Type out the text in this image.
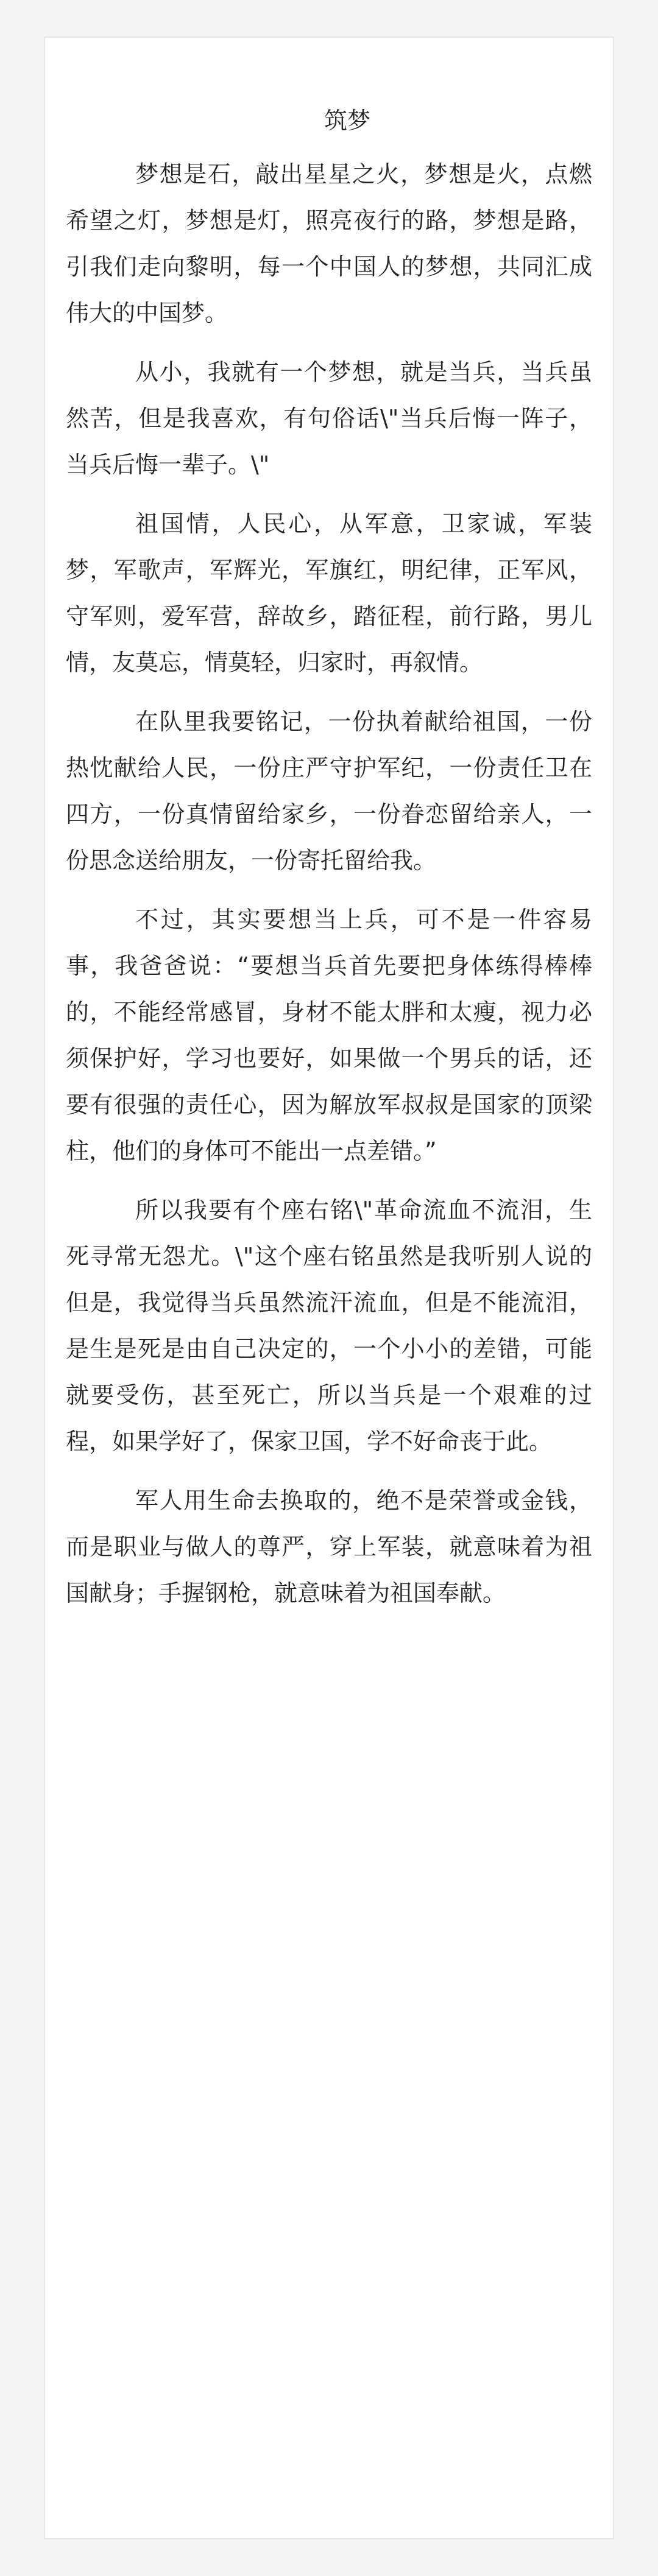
筑梦

梦想是石，敲出星星之火，梦想是火，点燃希望之灯，梦想是灯，照亮夜行的路，梦想是路，引我们走向黎明，每一个中国人的梦想，共同汇成伟大的中国梦。

从小，我就有一个梦想，就是当兵，当兵虽然苦，但是我喜欢，有句俗话\"当兵后悔一阵子，当兵后悔一辈子。\"

祖国情，人民心，从军意，卫家诚，军装梦，军歌声，军辉光，军旗红，明纪律，正军风，守军则，爱军营，辞故乡，踏征程，前行路，男儿情，友莫忘，情莫轻，归家时，再叙情。

在队里我要铭记，一份执着献给祖国，一份热忱献给人民，一份庄严守护军纪，一份责任卫在四方，一份真情留给家乡，一份眷恋留给亲人，一份思念送给朋友，一份寄托留给我。

不过，其实要想当上兵，可不是一件容易事，我爸爸说：“要想当兵首先要把身体练得棒棒的，不能经常感冒，身材不能太胖和太瘦，视力必须保护好，学习也要好，如果做一个男兵的话，还要有很强的责任心，因为解放军叔叔是国家的顶梁柱，他们的身体可不能出一点差错。”

所以我要有个座右铭\"革命流血不流泪，生死寻常无怨尤。\"这个座右铭虽然是我听别人说的但是，我觉得当兵虽然流汗流血，但是不能流泪，是生是死是由自己决定的，一个小小的差错，可能就要受伤，甚至死亡，所以当兵是一个艰难的过程，如果学好了，保家卫国，学不好命丧于此。

军人用生命去换取的，绝不是荣誉或金钱，而是职业与做人的尊严，穿上军装，就意味着为祖国献身；手握钢枪，就意味着为祖国奉献。
